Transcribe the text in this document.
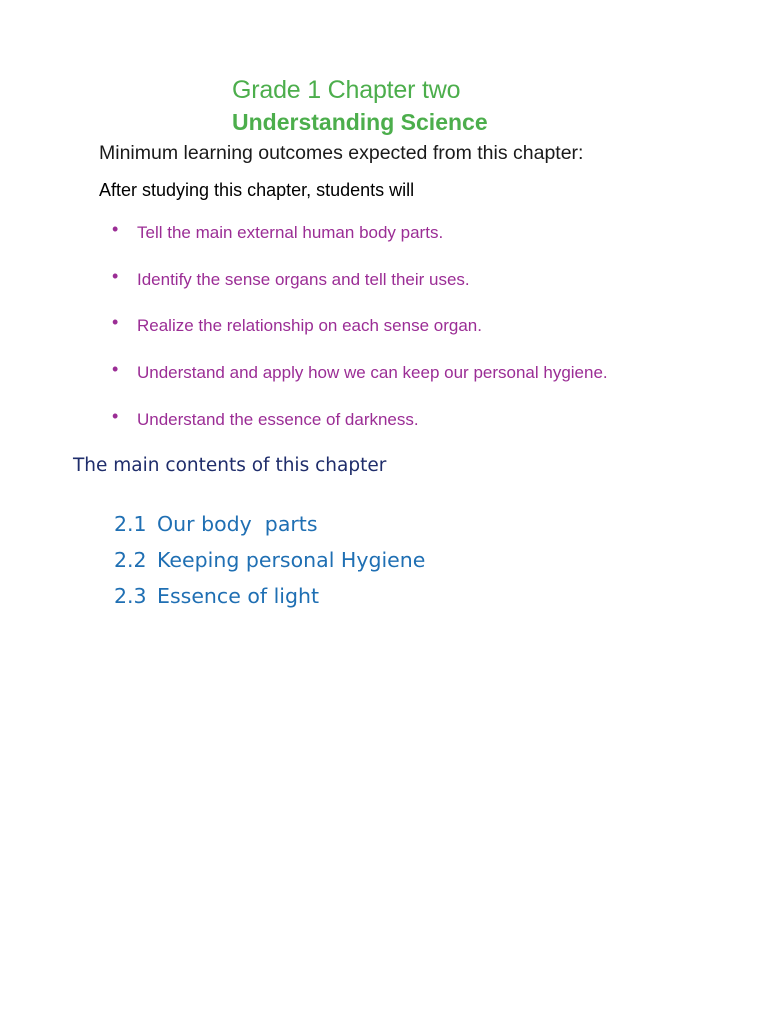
Grade 1 Chapter two
Understanding Science
Minimum learning outcomes expected from this chapter:
After studying this chapter, students will
• Tell the main external human body parts.
• Identify the sense organs and tell their uses.
• Realize the relationship on each sense organ.
• Understand and apply how we can keep our personal hygiene.
• Understand the essence of darkness.
The main contents of this chapter
2.1 Our body  parts
2.2 Keeping personal Hygiene
2.3 Essence of light
